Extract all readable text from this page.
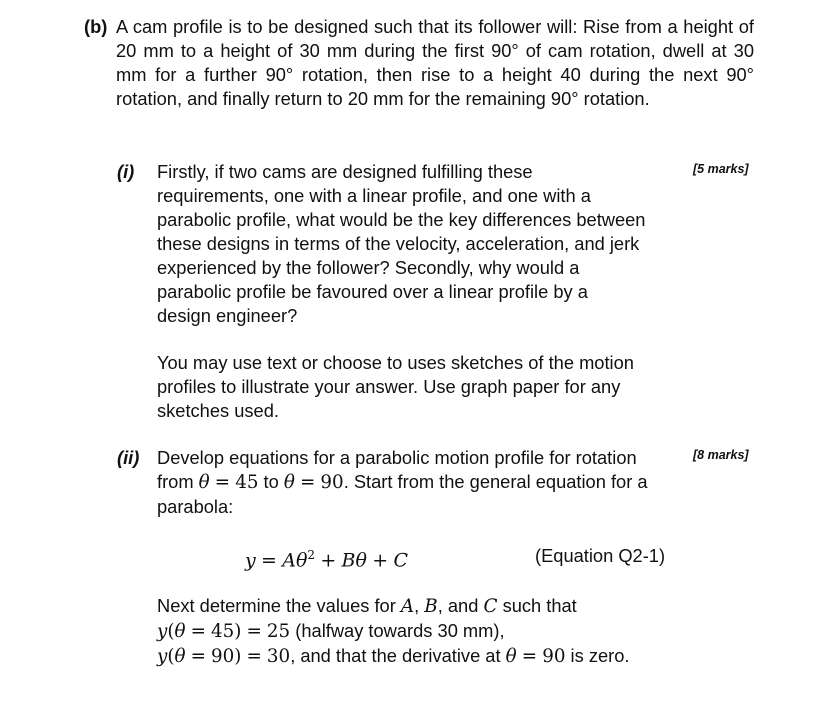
(b) A cam profile is to be designed such that its follower will: Rise from a height of 20 mm to a height of 30 mm during the first 90° of cam rotation, dwell at 30 mm for a further 90° rotation, then rise to a height 40 during the next 90° rotation, and finally return to 20 mm for the remaining 90° rotation.

(i)	[5 marks]
Firstly, if two cams are designed fulfilling these
requirements, one with a linear profile, and one with a
parabolic profile, what would be the key differences between
these designs in terms of the velocity, acceleration, and jerk
experienced by the follower? Secondly, why would a
parabolic profile be favoured over a linear profile by a
design engineer?
You may use text or choose to uses sketches of the motion
profiles to illustrate your answer. Use graph paper for any
sketches used.
(ii)	[8 marks]
Develop equations for a parabolic motion profile for rotation
from θ = 45 to θ = 90. Start from the general equation for a
parabola:
$y = A\theta^2 + B\theta + C$	(Equation Q2-1)
Next determine the values for A, B, and C such that
y(θ = 45) = 25 (halfway towards 30 mm),
y(θ = 90) = 30, and that the derivative at θ = 90 is zero.
